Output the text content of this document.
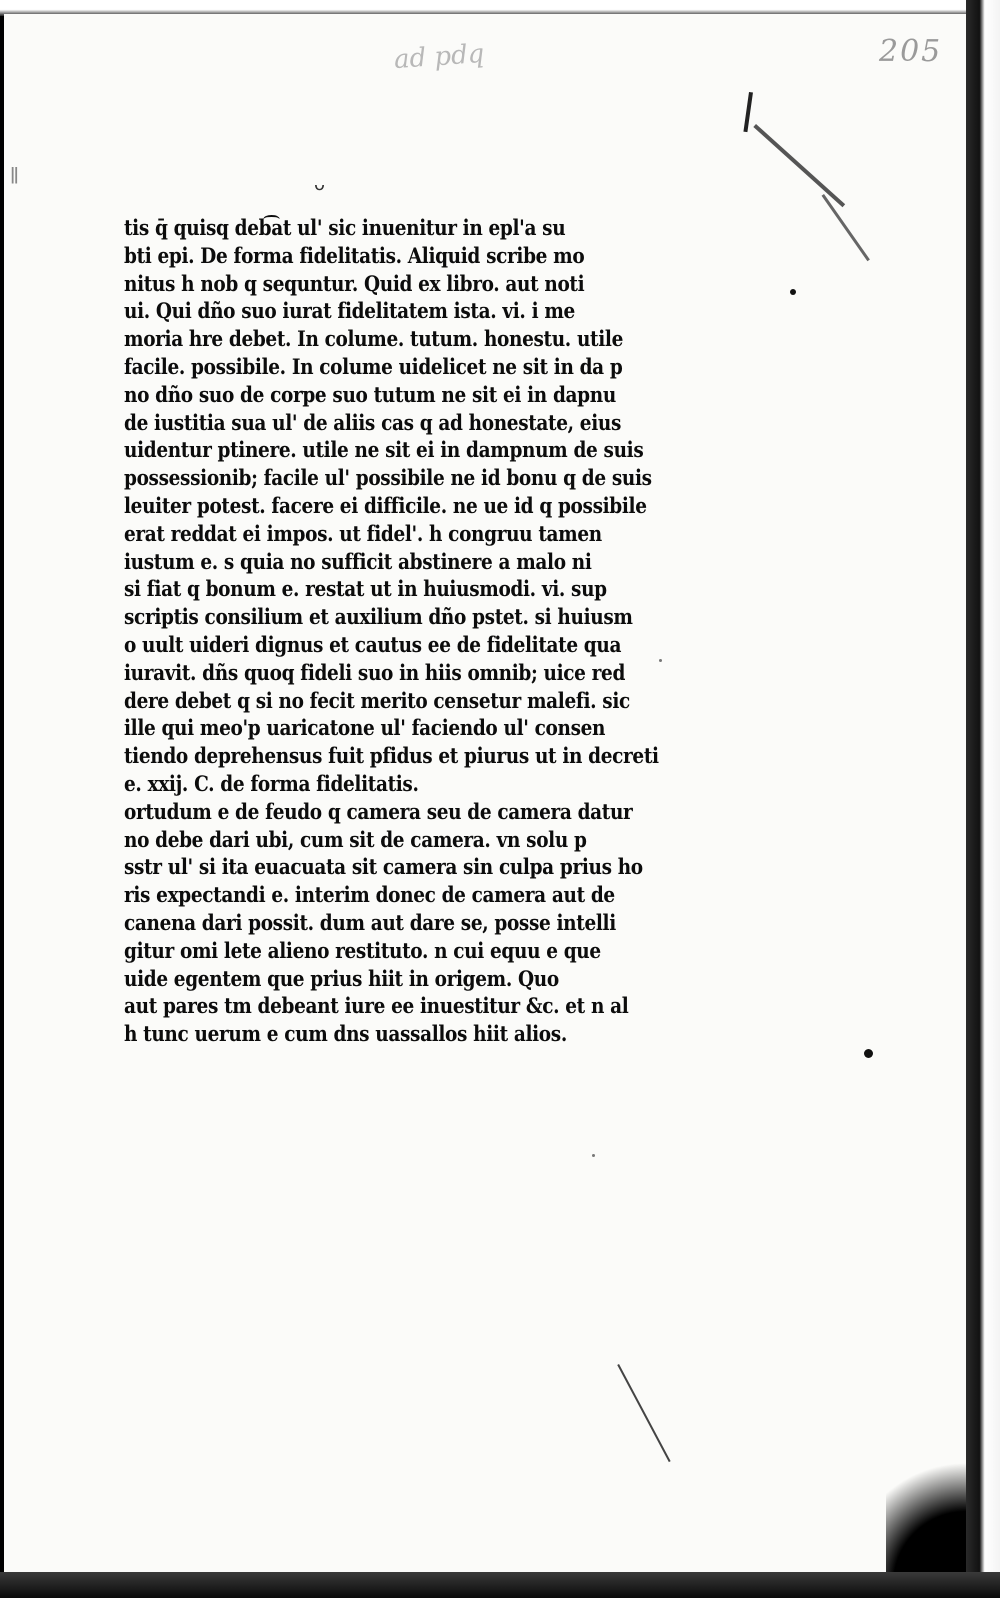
ǁ
ad pdq	205
ᴗ
tis q̄ quisq deb͡at ul' sic inuenitur in epl'a su
bti epi. De forma fidelitatis. Aliquid scribe mo
nitus h nob q sequntur. Quid ex libro. aut noti
ui. Qui dño suo iurat fidelitatem ista. vi. i me
moria hre debet. In colume. tutum. honestu. utile
facile. possibile. In colume uidelicet ne sit in da p
no dño suo de corpe suo tutum ne sit ei in dapnu
de iustitia sua ul' de aliis cas q ad honestate, eius
uidentur ptinere. utile ne sit ei in dampnum de suis
possessionib; facile ul' possibile ne id bonu q de suis
leuiter potest. facere ei difficile. ne ue id q possibile
erat reddat ei impos. ut fidel'. h congruu tamen
iustum e. s quia no sufficit abstinere a malo ni
si fiat q bonum e. restat ut in huiusmodi. vi. sup
scriptis consilium et auxilium dño pstet. si huiusm
o uult uideri dignus et cautus ee de fidelitate qua
iuravit. dñs quoq fideli suo in hiis omnib; uice red
dere debet q si no fecit merito censetur malefi. sic
ille qui meo'p uaricatone ul' faciendo ul' consen
tiendo deprehensus fuit pfidus et piurus ut in decreti
e. xxij. C. de forma fidelitatis.
ortudum e de feudo q camera seu de camera datur
no debe dari ubi, cum sit de camera. vn solu p
sstr ul' si ita euacuata sit camera sin culpa prius ho
ris expectandi e. interim donec de camera aut de
canena dari possit. dum aut dare se, posse intelli
gitur omi lete alieno restituto. n cui equu e que
uide egentem que prius hiit in origem. Quo
aut pares tm debeant iure ee inuestitur &c. et n al
h tunc uerum e cum dns uassallos hiit alios.
